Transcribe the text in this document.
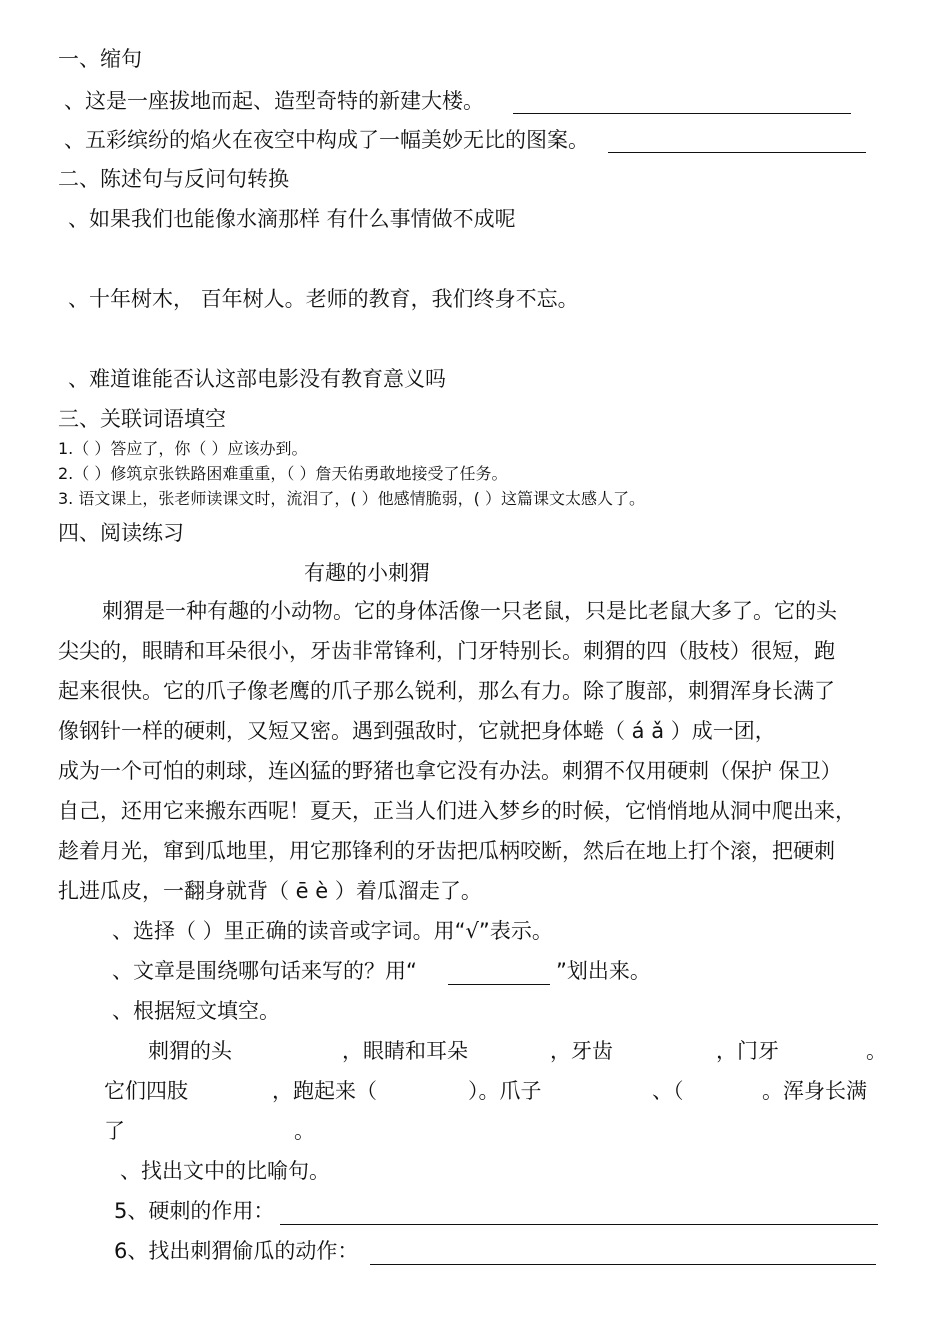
一、缩句
、这是一座拔地而起、造型奇特的新建大楼。
、五彩缤纷的焰火在夜空中构成了一幅美妙无比的图案。
二、陈述句与反问句转换
、如果我们也能像水滴那样 有什么事情做不成呢
、十年树木， 百年树人。老师的教育，我们终身不忘。
、难道谁能否认这部电影没有教育意义吗
三、关联词语填空
1.（ ）答应了，你（ ）应该办到。
2.（ ）修筑京张铁路困难重重，（ ）詹天佑勇敢地接受了任务。
3. 语文课上，张老师读课文时，流泪了，( ）他感情脆弱，( ）这篇课文太感人了。
四、阅读练习
有趣的小刺猬
刺猬是一种有趣的小动物。它的身体活像一只老鼠，只是比老鼠大多了。它的头
尖尖的，眼睛和耳朵很小，牙齿非常锋利，门牙特别长。刺猬的四（肢枝）很短，跑
起来很快。它的爪子像老鹰的爪子那么锐利，那么有力。除了腹部，刺猬浑身长满了
像钢针一样的硬刺，又短又密。遇到强敌时，它就把身体蜷（ á ǎ ）成一团，
成为一个可怕的刺球，连凶猛的野猪也拿它没有办法。刺猬不仅用硬刺（保护 保卫）
自己，还用它来搬东西呢！夏天，正当人们进入梦乡的时候，它悄悄地从洞中爬出来，
趁着月光，窜到瓜地里，用它那锋利的牙齿把瓜柄咬断，然后在地上打个滚，把硬刺
扎进瓜皮，一翻身就背（ ē è ）着瓜溜走了。
、选择（ ）里正确的读音或字词。用“√”表示。
、文章是围绕哪句话来写的？用“	”划出来。
、根据短文填空。
刺猬的头	，眼睛和耳朵	，牙齿	，门牙	。
它们四肢	，跑起来（	）。爪子	、（	。浑身长满
了	。
、找出文中的比喻句。
5、硬刺的作用：
6、找出刺猬偷瓜的动作：
